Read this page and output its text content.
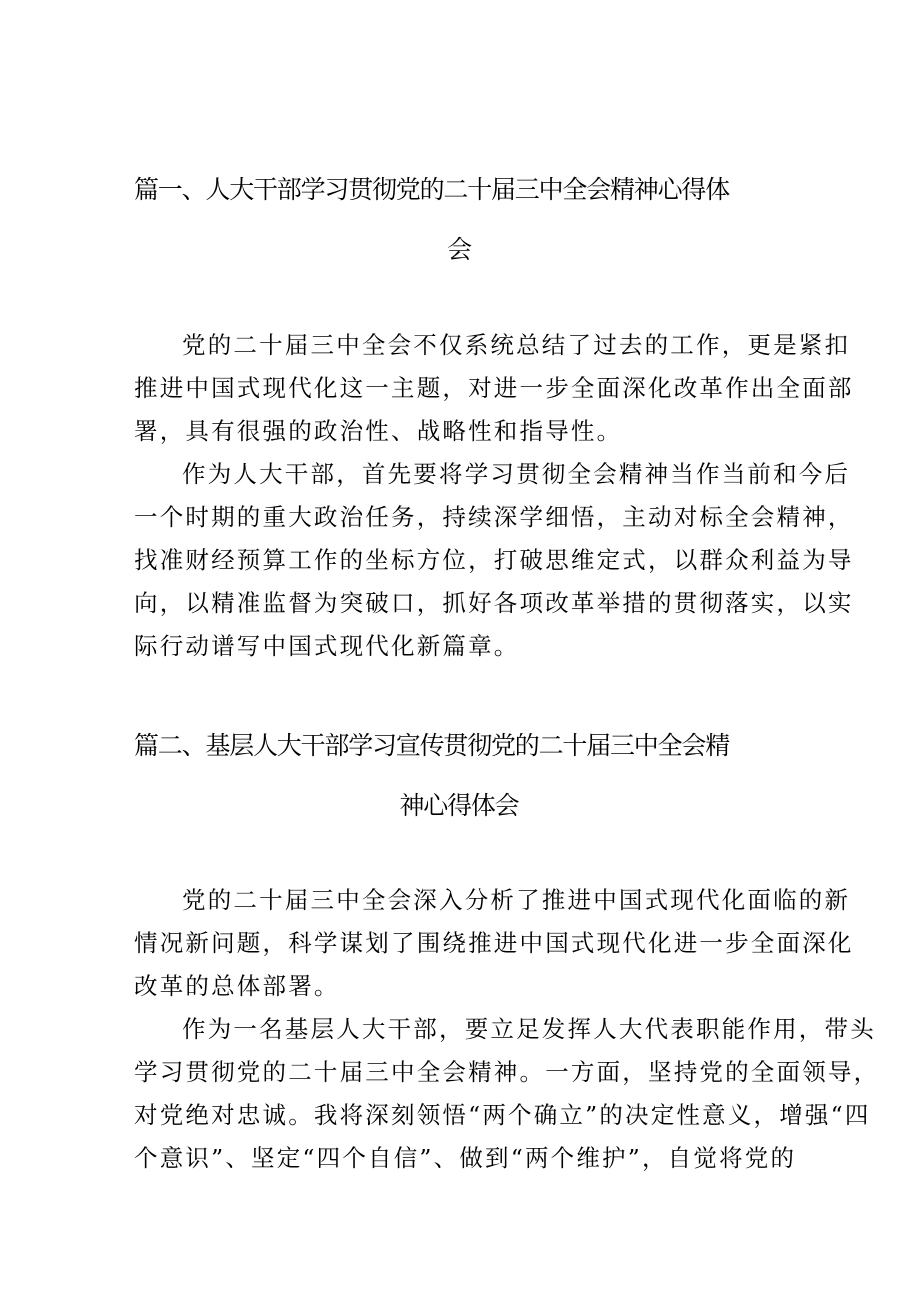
篇一、人大干部学习贯彻党的二十届三中全会精神心得体
会
党的二十届三中全会不仅系统总结了过去的工作，更是紧扣
推进中国式现代化这一主题，对进一步全面深化改革作出全面部
署，具有很强的政治性、战略性和指导性。
作为人大干部，首先要将学习贯彻全会精神当作当前和今后
一个时期的重大政治任务，持续深学细悟，主动对标全会精神，
找准财经预算工作的坐标方位，打破思维定式，以群众利益为导
向，以精准监督为突破口，抓好各项改革举措的贯彻落实，以实
际行动谱写中国式现代化新篇章。
篇二、基层人大干部学习宣传贯彻党的二十届三中全会精
神心得体会
党的二十届三中全会深入分析了推进中国式现代化面临的新
情况新问题，科学谋划了围绕推进中国式现代化进一步全面深化
改革的总体部署。
作为一名基层人大干部，要立足发挥人大代表职能作用，带头
学习贯彻党的二十届三中全会精神。一方面，坚持党的全面领导，
对党绝对忠诚。我将深刻领悟“两个确立”的决定性意义，增强“四
个意识”、坚定“四个自信”、做到“两个维护”，自觉将党的
